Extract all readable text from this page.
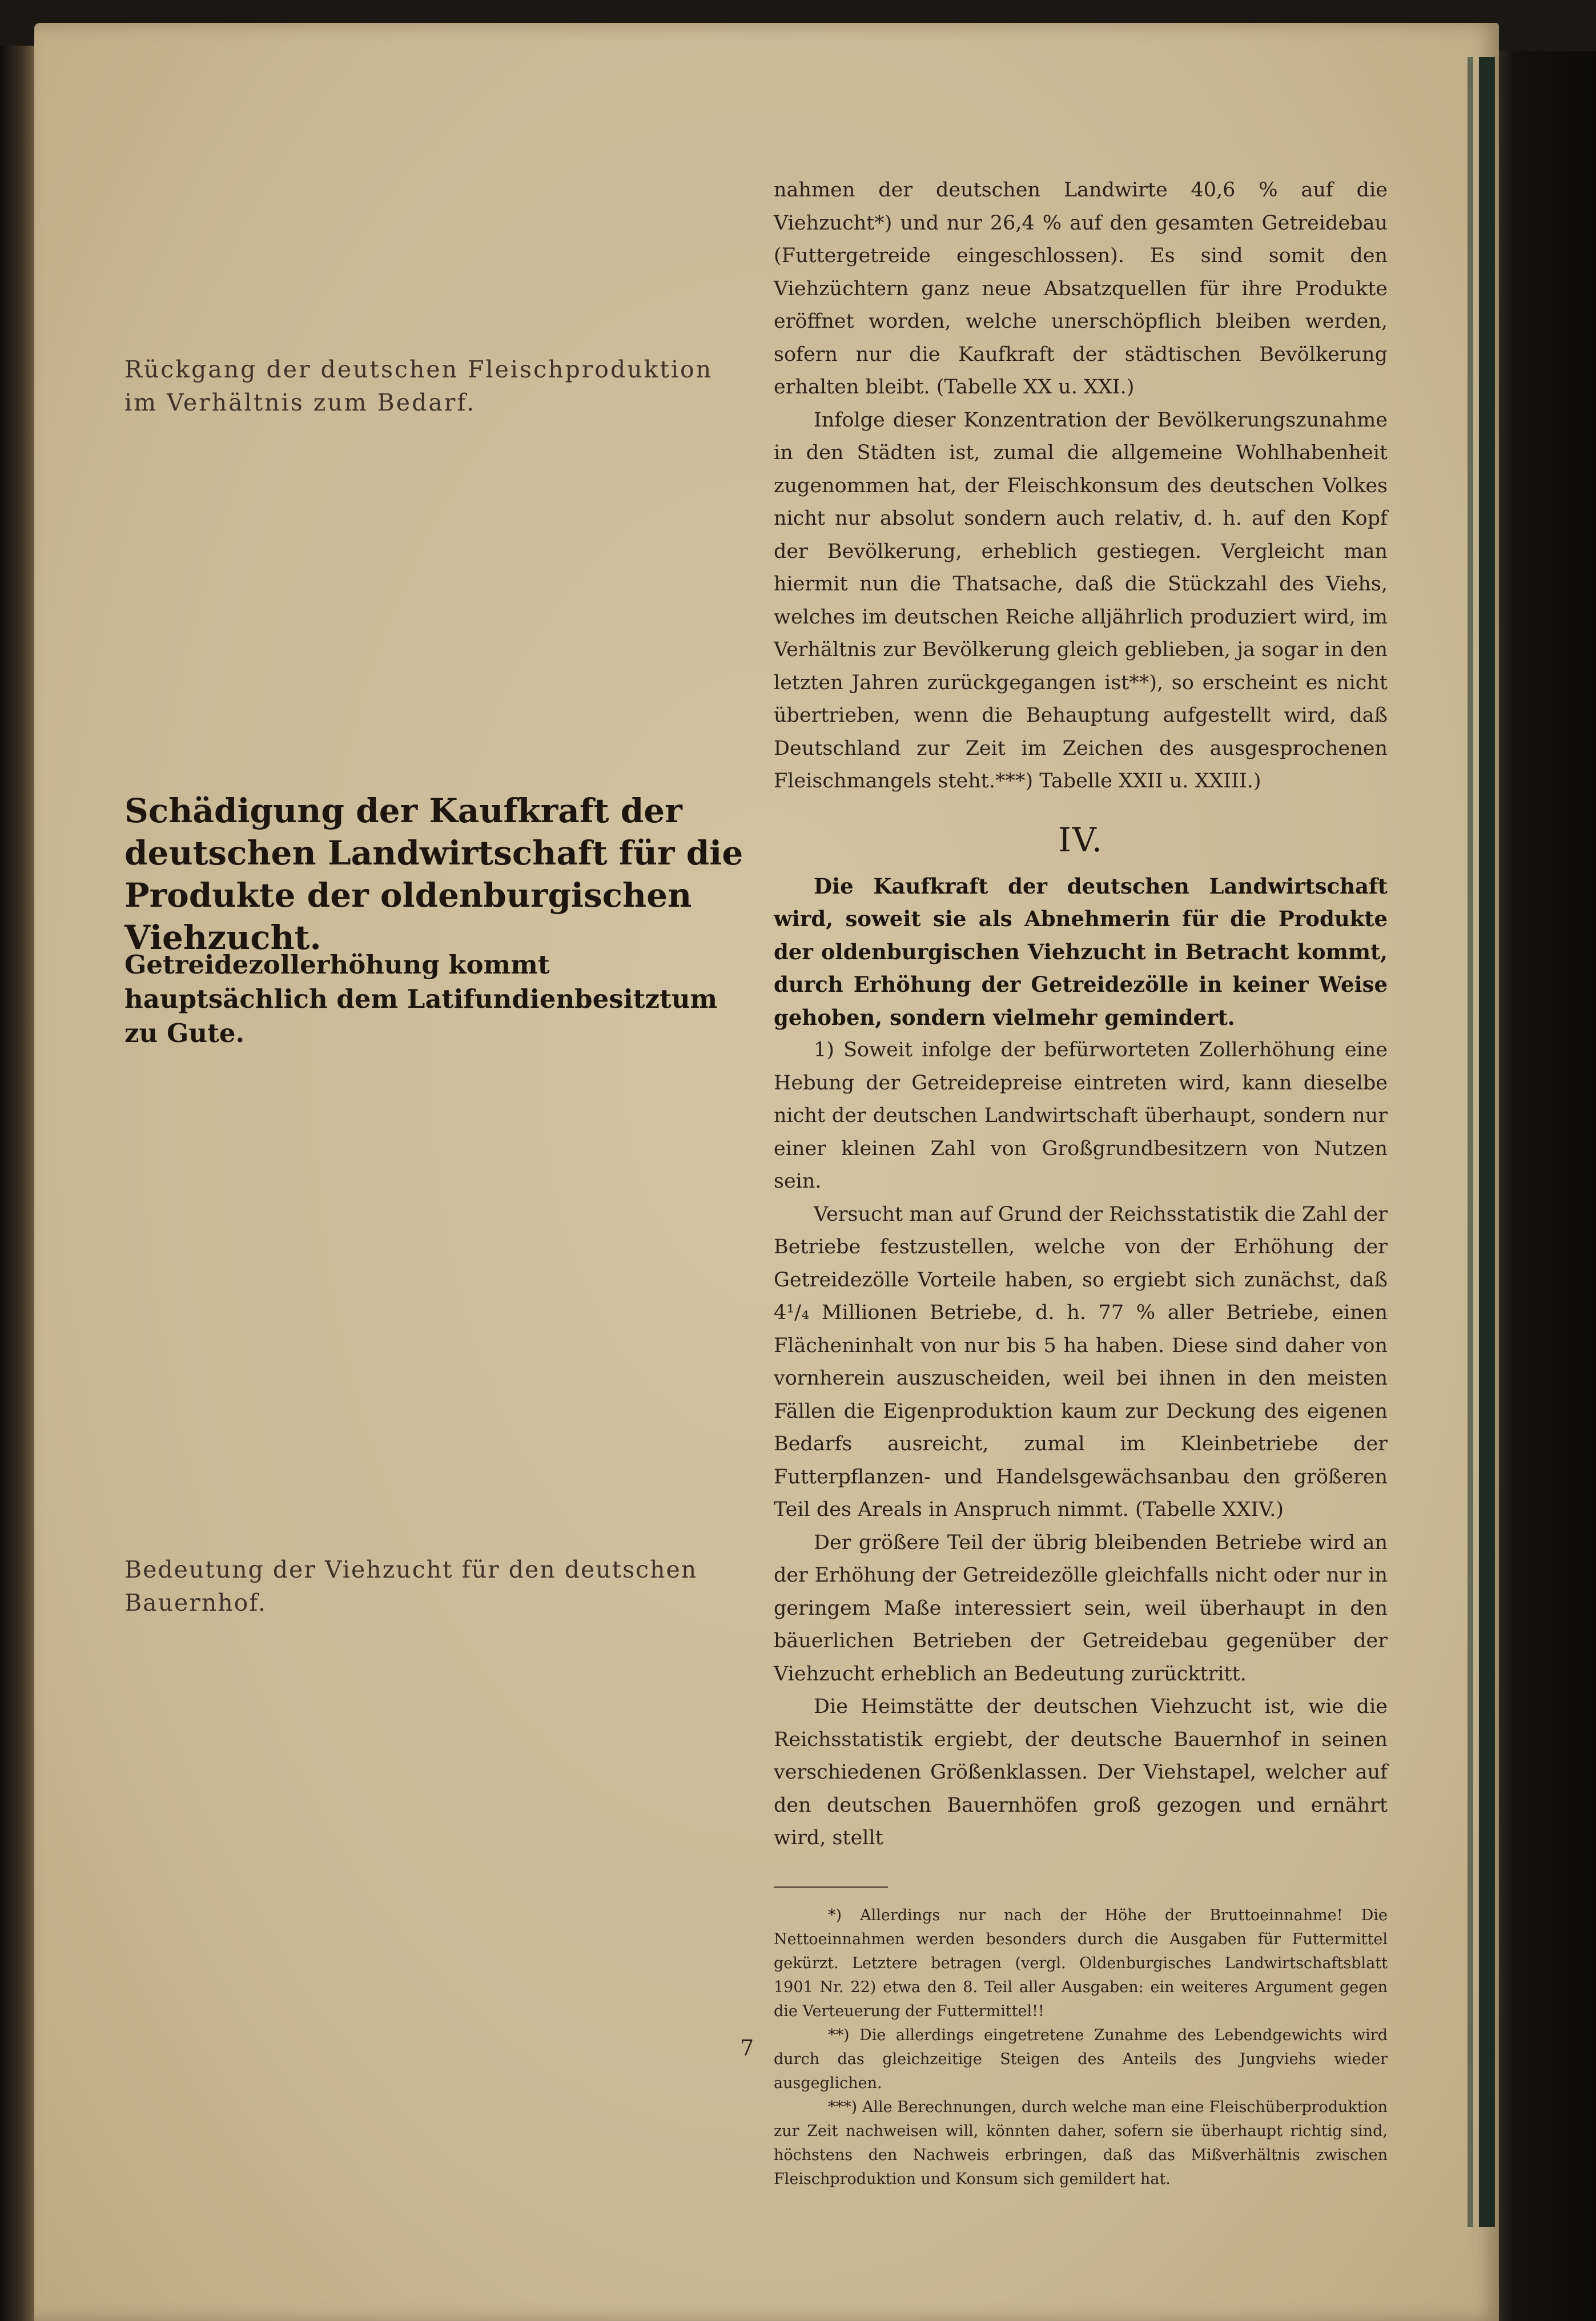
Rückgang der deutschen Fleischproduktion im Verhältnis zum Bedarf.
Schädigung der Kaufkraft der deutschen Landwirtschaft für die Produkte der oldenburgischen Viehzucht.
Getreidezollerhöhung kommt hauptsächlich dem Latifundienbesitztum zu Gute.
Bedeutung der Viehzucht für den deutschen Bauernhof.

nahmen der deutschen Landwirte 40,6 % auf die Viehzucht*) und nur 26,4 % auf den gesamten Getreidebau (Futtergetreide eingeschlossen). Es sind somit den Viehzüchtern ganz neue Absatzquellen für ihre Produkte eröffnet worden, welche unerschöpflich bleiben werden, sofern nur die Kaufkraft der städtischen Bevölkerung erhalten bleibt. (Tabelle XX u. XXI.)

Infolge dieser Konzentration der Bevölkerungszunahme in den Städten ist, zumal die allgemeine Wohlhabenheit zugenommen hat, der Fleischkonsum des deutschen Volkes nicht nur absolut sondern auch relativ, d. h. auf den Kopf der Bevölkerung, erheblich gestiegen. Vergleicht man hiermit nun die Thatsache, daß die Stückzahl des Viehs, welches im deutschen Reiche alljährlich produziert wird, im Verhältnis zur Bevölkerung gleich geblieben, ja sogar in den letzten Jahren zurückgegangen ist**), so erscheint es nicht übertrieben, wenn die Behauptung aufgestellt wird, daß Deutschland zur Zeit im Zeichen des ausgesprochenen Fleischmangels steht.***) Tabelle XXII u. XXIII.)

IV.

Die Kaufkraft der deutschen Landwirtschaft wird, soweit sie als Abnehmerin für die Produkte der oldenburgischen Viehzucht in Betracht kommt, durch Erhöhung der Getreidezölle in keiner Weise gehoben, sondern vielmehr gemindert.

1) Soweit infolge der befürworteten Zollerhöhung eine Hebung der Getreidepreise eintreten wird, kann dieselbe nicht der deutschen Landwirtschaft überhaupt, sondern nur einer kleinen Zahl von Großgrundbesitzern von Nutzen sein.

Versucht man auf Grund der Reichsstatistik die Zahl der Betriebe festzustellen, welche von der Erhöhung der Getreidezölle Vorteile haben, so ergiebt sich zunächst, daß 4¹/₄ Millionen Betriebe, d. h. 77 % aller Betriebe, einen Flächeninhalt von nur bis 5 ha haben. Diese sind daher von vornherein auszuscheiden, weil bei ihnen in den meisten Fällen die Eigenproduktion kaum zur Deckung des eigenen Bedarfs ausreicht, zumal im Kleinbetriebe der Futterpflanzen- und Handelsgewächsanbau den größeren Teil des Areals in Anspruch nimmt. (Tabelle XXIV.)

Der größere Teil der übrig bleibenden Betriebe wird an der Erhöhung der Getreidezölle gleichfalls nicht oder nur in geringem Maße interessiert sein, weil überhaupt in den bäuerlichen Betrieben der Getreidebau gegenüber der Viehzucht erheblich an Bedeutung zurücktritt.

Die Heimstätte der deutschen Viehzucht ist, wie die Reichsstatistik ergiebt, der deutsche Bauernhof in seinen verschiedenen Größenklassen. Der Viehstapel, welcher auf den deutschen Bauernhöfen groß gezogen und ernährt wird, stellt

*) Allerdings nur nach der Höhe der Bruttoeinnahme! Die Nettoeinnahmen werden besonders durch die Ausgaben für Futtermittel gekürzt. Letztere betragen (vergl. Oldenburgisches Landwirtschaftsblatt 1901 Nr. 22) etwa den 8. Teil aller Ausgaben: ein weiteres Argument gegen die Verteuerung der Futtermittel!!

**) Die allerdings eingetretene Zunahme des Lebendgewichts wird durch das gleichzeitige Steigen des Anteils des Jungviehs wieder ausgeglichen.

***) Alle Berechnungen, durch welche man eine Fleischüberproduktion zur Zeit nachweisen will, könnten daher, sofern sie überhaupt richtig sind, höchstens den Nachweis erbringen, daß das Mißverhältnis zwischen Fleischproduktion und Konsum sich gemildert hat.

7
